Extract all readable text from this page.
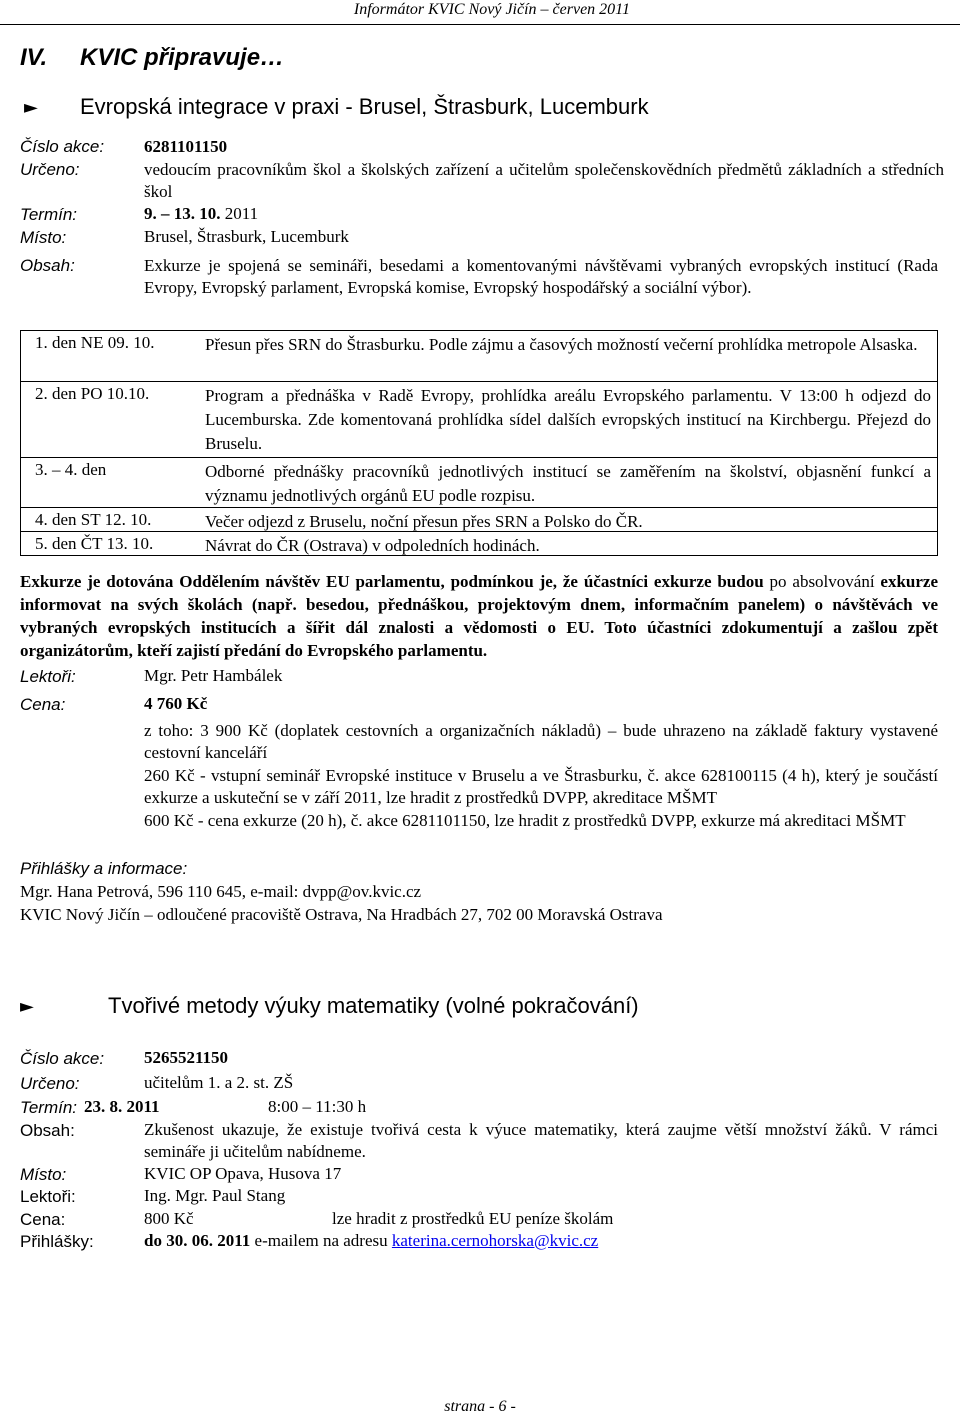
Informátor KVIC Nový Jičín – červen 2011
IV. KVIC připravuje…
► Evropská integrace v praxi - Brusel, Štrasburk, Lucemburk
Číslo akce: 6281101150
Určeno:	vedoucím pracovníkům škol a školských zařízení a učitelům společenskovědních předmětů základních a středních škol
Termín:	9. – 13. 10. 2011
Místo:	Brusel, Štrasburk, Lucemburk
Obsah:	Exkurze je spojená se semináři, besedami a komentovanými návštěvami vybraných evropských institucí (Rada Evropy, Evropský parlament, Evropská komise, Evropský hospodářský a sociální výbor).
1. den NE 09. 10.	Přesun přes SRN do Štrasburku. Podle zájmu a časových možností večerní prohlídka metropole Alsaska.
2. den PO 10.10.	Program a přednáška v Radě Evropy, prohlídka areálu Evropského parlamentu. V 13:00 h odjezd do Lucemburska. Zde komentovaná prohlídka sídel dalších evropských institucí na Kirchbergu. Přejezd do Bruselu.
3. – 4. den	Odborné přednášky pracovníků jednotlivých institucí se zaměřením na školství, objasnění funkcí a významu jednotlivých orgánů EU podle rozpisu.
4. den ST 12. 10.	Večer odjezd z Bruselu, noční přesun přes SRN a Polsko do ČR.
5. den ČT 13. 10.	Návrat do ČR (Ostrava) v odpoledních hodinách.
Exkurze je dotována Oddělením návštěv EU parlamentu, podmínkou je, že účastníci exkurze budou po absolvování exkurze informovat na svých školách (např. besedou, přednáškou, projektovým dnem, informačním panelem) o návštěvách ve vybraných evropských institucích a šířit dál znalosti a vědomosti o EU. Toto účastníci zdokumentují a zašlou zpět organizátorům, kteří zajistí předání do Evropského parlamentu.
Lektoři:	Mgr. Petr Hambálek
Cena:	4 760 Kč
z toho: 3 900 Kč (doplatek cestovních a organizačních nákladů) – bude uhrazeno na základě faktury vystavené cestovní kanceláří
260 Kč - vstupní seminář Evropské instituce v Bruselu a ve Štrasburku, č. akce 628100115 (4 h), který je součástí exkurze a uskuteční se v září 2011, lze hradit z prostředků DVPP, akreditace MŠMT
600 Kč - cena exkurze (20 h), č. akce 6281101150, lze hradit z prostředků DVPP, exkurze má akreditaci MŠMT
Přihlášky a informace:
Mgr. Hana Petrová, 596 110 645, e-mail: dvpp@ov.kvic.cz
KVIC Nový Jičín – odloučené pracoviště Ostrava, Na Hradbách 27, 702 00 Moravská Ostrava
►	Tvořivé metody výuky matematiky (volné pokračování)
Číslo akce: 5265521150
Určeno:	učitelům 1. a 2. st. ZŠ
Termín: 23. 8. 2011	8:00 – 11:30 h
Obsah:	Zkušenost ukazuje, že existuje tvořivá cesta k výuce matematiky, která zaujme větší množství žáků. V rámci semináře ji učitelům nabídneme.
Místo:	KVIC OP Opava, Husova 17
Lektoři:	Ing. Mgr. Paul Stang
Cena:	800 Kč	lze hradit z prostředků EU peníze školám
Přihlášky:	do 30. 06. 2011 e-mailem na adresu katerina.cernohorska@kvic.cz
strana - 6 -
